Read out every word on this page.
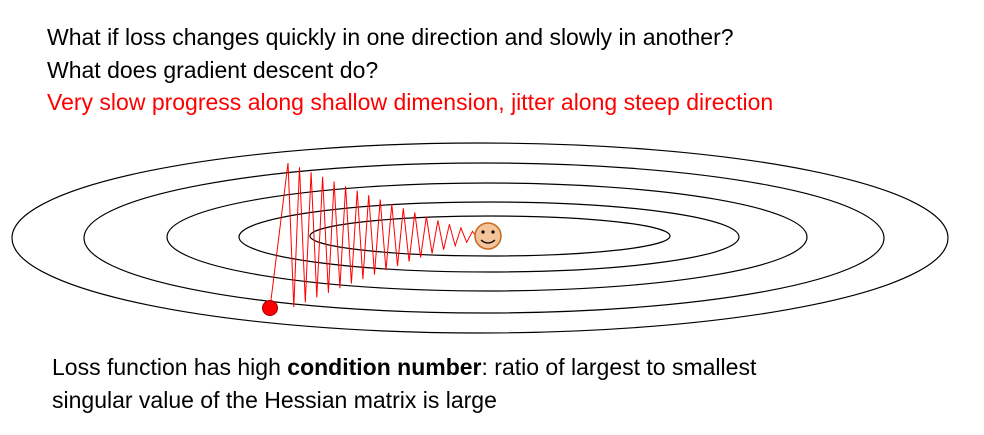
What if loss changes quickly in one direction and slowly in another?
What does gradient descent do?
Very slow progress along shallow dimension, jitter along steep direction
Loss function has high condition number: ratio of largest to smallest
singular value of the Hessian matrix is large
